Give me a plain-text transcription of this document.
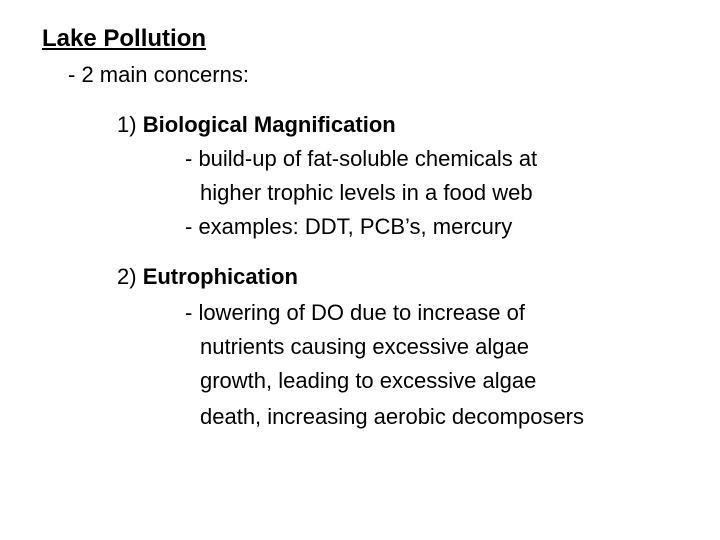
Lake Pollution
- 2 main concerns:
1) Biological Magnification
- build-up of fat-soluble chemicals at
higher trophic levels in a food web
- examples: DDT, PCB’s, mercury
2) Eutrophication
- lowering of DO due to increase of
nutrients causing excessive algae
growth, leading to excessive algae
death, increasing aerobic decomposers
